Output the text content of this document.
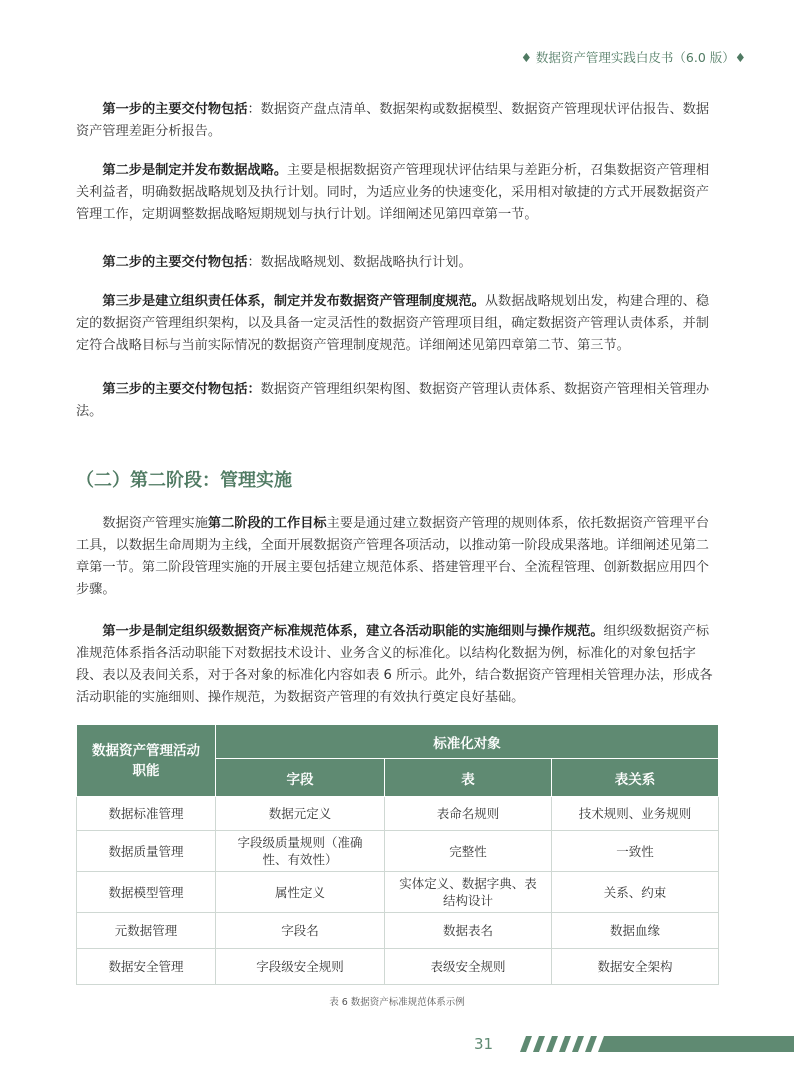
♦ 数据资产管理实践白皮书（6.0 版）♦

第一步的主要交付物包括：数据资产盘点清单、数据架构或数据模型、数据资产管理现状评估报告、数据资产管理差距分析报告。

第二步是制定并发布数据战略。主要是根据数据资产管理现状评估结果与差距分析，召集数据资产管理相关利益者，明确数据战略规划及执行计划。同时，为适应业务的快速变化，采用相对敏捷的方式开展数据资产管理工作，定期调整数据战略短期规划与执行计划。详细阐述见第四章第一节。

第二步的主要交付物包括：数据战略规划、数据战略执行计划。

第三步是建立组织责任体系，制定并发布数据资产管理制度规范。从数据战略规划出发，构建合理的、稳定的数据资产管理组织架构，以及具备一定灵活性的数据资产管理项目组，确定数据资产管理认责体系，并制定符合战略目标与当前实际情况的数据资产管理制度规范。详细阐述见第四章第二节、第三节。

第三步的主要交付物包括：数据资产管理组织架构图、数据资产管理认责体系、数据资产管理相关管理办法。

（二）第二阶段：管理实施

数据资产管理实施第二阶段的工作目标主要是通过建立数据资产管理的规则体系，依托数据资产管理平台工具，以数据生命周期为主线，全面开展数据资产管理各项活动，以推动第一阶段成果落地。详细阐述见第二章第一节。第二阶段管理实施的开展主要包括建立规范体系、搭建管理平台、全流程管理、创新数据应用四个步骤。

第一步是制定组织级数据资产标准规范体系，建立各活动职能的实施细则与操作规范。组织级数据资产标准规范体系指各活动职能下对数据技术设计、业务含义的标准化。以结构化数据为例，标准化的对象包括字段、表以及表间关系，对于各对象的标准化内容如表 6 所示。此外，结合数据资产管理相关管理办法，形成各活动职能的实施细则、操作规范，为数据资产管理的有效执行奠定良好基础。

数据资产管理活动职能	标准化对象		
	字段	表	表关系
数据标准管理	数据元定义	表命名规则	技术规则、业务规则
数据质量管理	字段级质量规则（准确性、有效性）	完整性	一致性
数据模型管理	属性定义	实体定义、数据字典、表结构设计	关系、约束
元数据管理	字段名	数据表名	数据血缘
数据安全管理	字段级安全规则	表级安全规则	数据安全架构
表 6 数据资产标准规范体系示例
31
